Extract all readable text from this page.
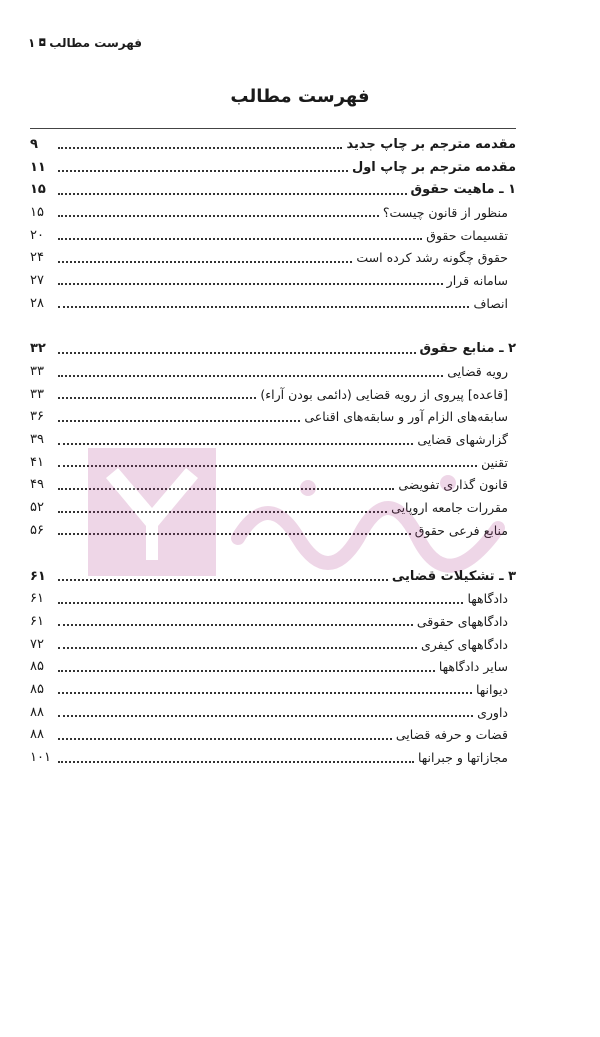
فهرست مطالب
◘
۱
فهرست مطالب
مقدمه مترجم بر چاپ جدید
۹
مقدمه مترجم بر چاپ اول
۱۱
۱ ـ ماهیت حقوق
۱۵
منظور از قانون چیست؟
۱۵
تقسیمات حقوق
۲۰
حقوق چگونه رشد کرده است
۲۴
سامانه قرار
۲۷
انصاف
۲۸
۲ ـ منابع حقوق
۳۲
رویه قضایی
۳۳
[قاعده] پیروی از رویه قضایی (دائمی بودن آراء)
۳۳
سابقه‌های الزام آور و سابقه‌های اقناعی
۳۶
گزارشهای قضایی
۳۹
تقنین
۴۱
قانون گذاری تفویضی
۴۹
مقررات جامعه اروپایی
۵۲
منابع فرعی حقوق
۵۶
۳ ـ تشکیلات قضایی
۶۱
دادگاهها
۶۱
دادگاههای حقوقی
۶۱
دادگاههای کیفری
۷۲
سایر دادگاهها
۸۵
دیوانها
۸۵
داوری
۸۸
قضات و حرفه قضایی
۸۸
مجازاتها و جبرانها
۱۰۱
